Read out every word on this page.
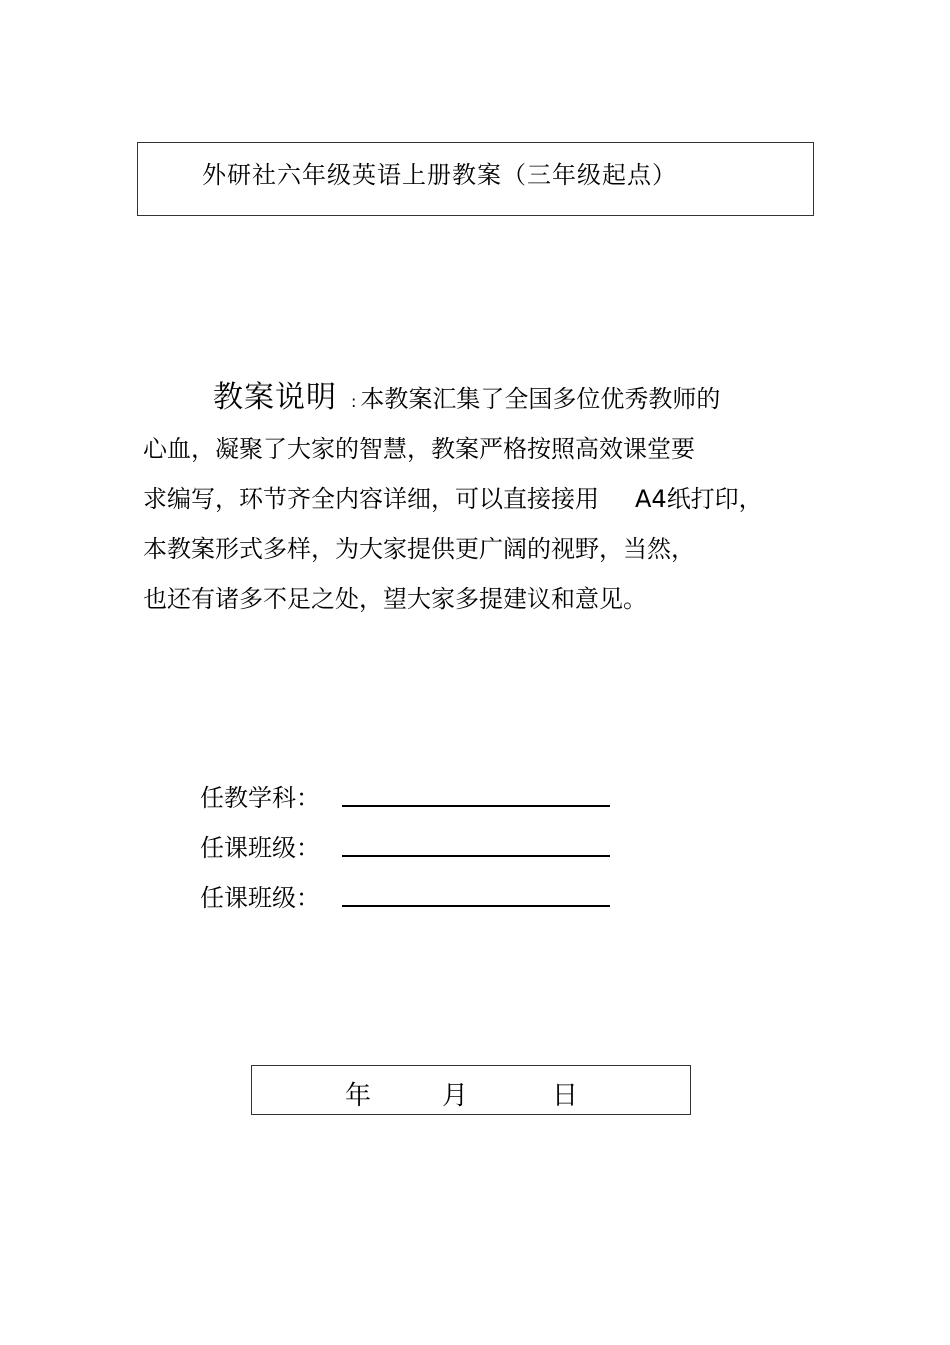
外研社六年级英语上册教案（三年级起点）
教案说明 : 本教案汇集了全国多位优秀教师的
心血，凝聚了大家的智慧，教案严格按照高效课堂要
求编写，环节齐全内容详细，可以直接接用 A4纸打印，
本教案形式多样，为大家提供更广阔的视野，当然，
也还有诸多不足之处，望大家多提建议和意见。
任教学科：
任课班级：
任课班级：
年	月	日
